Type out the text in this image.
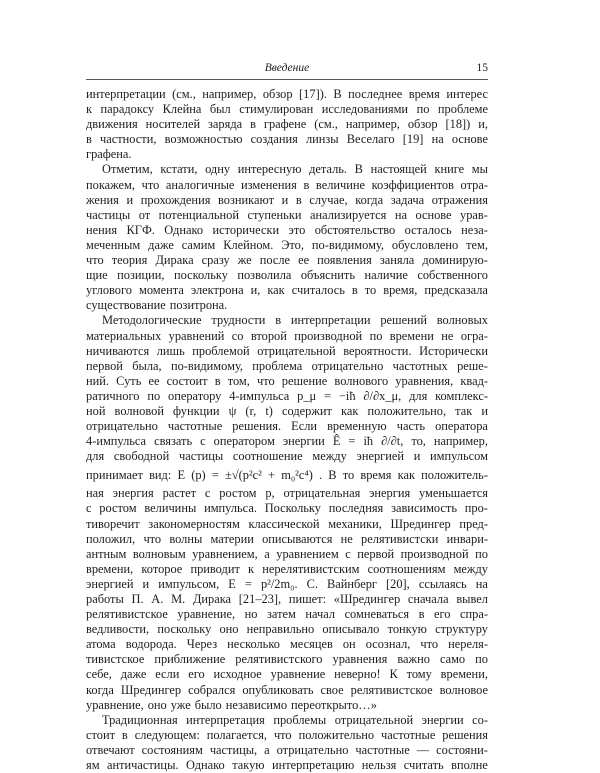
Введение	15
интерпретации (см., например, обзор [17]). В последнее время интерес
к парадоксу Клейна был стимулирован исследованиями по проблеме
движения носителей заряда в графене (см., например, обзор [18]) и,
в частности, возможностью создания линзы Веселаго [19] на основе
графена.
Отметим, кстати, одну интересную деталь. В настоящей книге мы
покажем, что аналогичные изменения в величине коэффициентов отра-
жения и прохождения возникают и в случае, когда задача отражения
частицы от потенциальной ступеньки анализируется на основе урав-
нения КГФ. Однако исторически это обстоятельство осталось неза-
меченным даже самим Клейном. Это, по-видимому, обусловлено тем,
что теория Дирака сразу же после ее появления заняла доминирую-
щие позиции, поскольку позволила объяснить наличие собственного
углового момента электрона и, как считалось в то время, предсказала
существование позитрона.
Методологические трудности в интерпретации решений волновых
материальных уравнений со второй производной по времени не огра-
ничиваются лишь проблемой отрицательной вероятности. Исторически
первой была, по-видимому, проблема отрицательно частотных реше-
ний. Суть ее состоит в том, что решение волнового уравнения, квад-
ратичного по оператору 4-импульса p_μ = −iħ ∂/∂x_μ, для комплекс-
ной волновой функции ψ (r, t) содержит как положительно, так и
отрицательно частотные решения. Если временную часть оператора
4-импульса связать с оператором энергии Ê = iħ ∂/∂t, то, например,
для свободной частицы соотношение между энергией и импульсом
принимает вид: E (p) = ±√(p²c² + m₀²c⁴) . В то время как положитель-
ная энергия растет с ростом p, отрицательная энергия уменьшается
с ростом величины импульса. Поскольку последняя зависимость про-
тиворечит закономерностям классической механики, Шредингер пред-
положил, что волны материи описываются не релятивистски инвари-
антным волновым уравнением, а уравнением с первой производной по
времени, которое приводит к нерелятивистским соотношениям между
энергией и импульсом, E = p²/2m₀. С. Вайнберг [20], ссылаясь на
работы П. А. М. Дирака [21–23], пишет: «Шредингер сначала вывел
релятивистское уравнение, но затем начал сомневаться в его спра-
ведливости, поскольку оно неправильно описывало тонкую структуру
атома водорода. Через несколько месяцев он осознал, что нереля-
тивистское приближение релятивистского уравнения важно само по
себе, даже если его исходное уравнение неверно! К тому времени,
когда Шредингер собрался опубликовать свое релятивистское волновое
уравнение, оно уже было независимо переоткрыто…»
Традиционная интерпретация проблемы отрицательной энергии со-
стоит в следующем: полагается, что положительно частотные решения
отвечают состояниям частицы, а отрицательно частотные — состояни-
ям античастицы. Однако такую интерпретацию нельзя считать вполне
